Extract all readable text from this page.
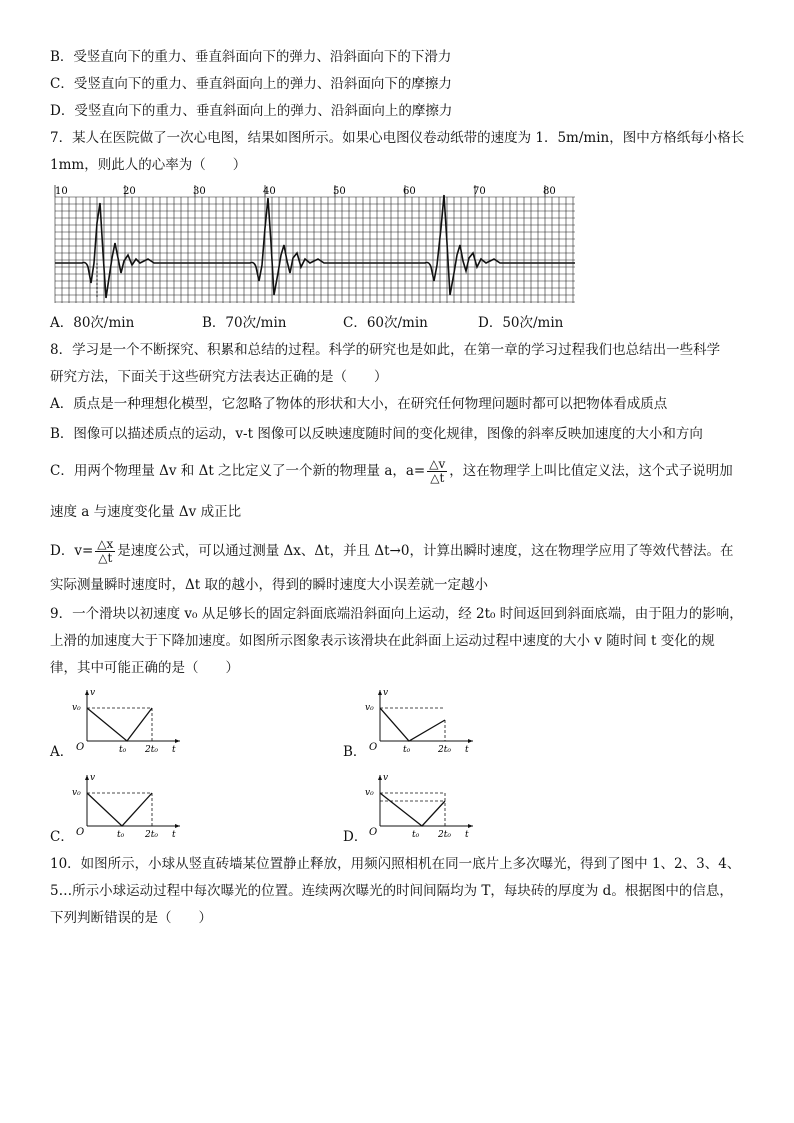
B．受竖直向下的重力、垂直斜面向下的弹力、沿斜面向下的下滑力
C．受竖直向下的重力、垂直斜面向上的弹力、沿斜面向下的摩擦力
D．受竖直向下的重力、垂直斜面向上的弹力、沿斜面向上的摩擦力
7．某人在医院做了一次心电图，结果如图所示。如果心电图仪卷动纸带的速度为 1．5m/min，图中方格纸每小格长
1mm，则此人的心率为（　　）
10	20	30	40	50	60	70	80
A．80次/min	B．70次/min	C．60次/min	D．50次/min
8．学习是一个不断探究、积累和总结的过程。科学的研究也是如此，在第一章的学习过程我们也总结出一些科学
研究方法，下面关于这些研究方法表达正确的是（　　）
A．质点是一种理想化模型，它忽略了物体的形状和大小，在研究任何物理问题时都可以把物体看成质点
B．图像可以描述质点的运动，v-t 图像可以反映速度随时间的变化规律，图像的斜率反映加速度的大小和方向
C．用两个物理量 Δv 和 Δt 之比定义了一个新的物理量 a，$a= \frac{\triangle v}{\triangle t}$ ，这在物理学上叫比值定义法，这个式子说明加
速度 a 与速度变化量 Δv 成正比
D．$v= \frac{\triangle x}{\triangle t}$ 是速度公式，可以通过测量 Δx、Δt，并且 Δt→0，计算出瞬时速度，这在物理学应用了等效代替法。在
实际测量瞬时速度时，Δt 取的越小，得到的瞬时速度大小误差就一定越小
9．一个滑块以初速度 v₀ 从足够长的固定斜面底端沿斜面向上运动，经 2t₀ 时间返回到斜面底端，由于阻力的影响，
上滑的加速度大于下降加速度。如图所示图象表示该滑块在此斜面上运动过程中速度的大小 v 随时间 t 变化的规
律，其中可能正确的是（　　）
A．	B．
C．	D．
v
t
O
v₀
t₀ 2t₀
v
t
O
v₀
t₀	2t₀
v
t
O
v₀
t₀ 2t₀
v
t
O
v₀
t₀ 2t₀
10．如图所示，小球从竖直砖墙某位置静止释放，用频闪照相机在同一底片上多次曝光，得到了图中 1、2、3、4、
5…所示小球运动过程中每次曝光的位置。连续两次曝光的时间间隔均为 T，每块砖的厚度为 d。根据图中的信息，
下列判断错误的是（　　）
